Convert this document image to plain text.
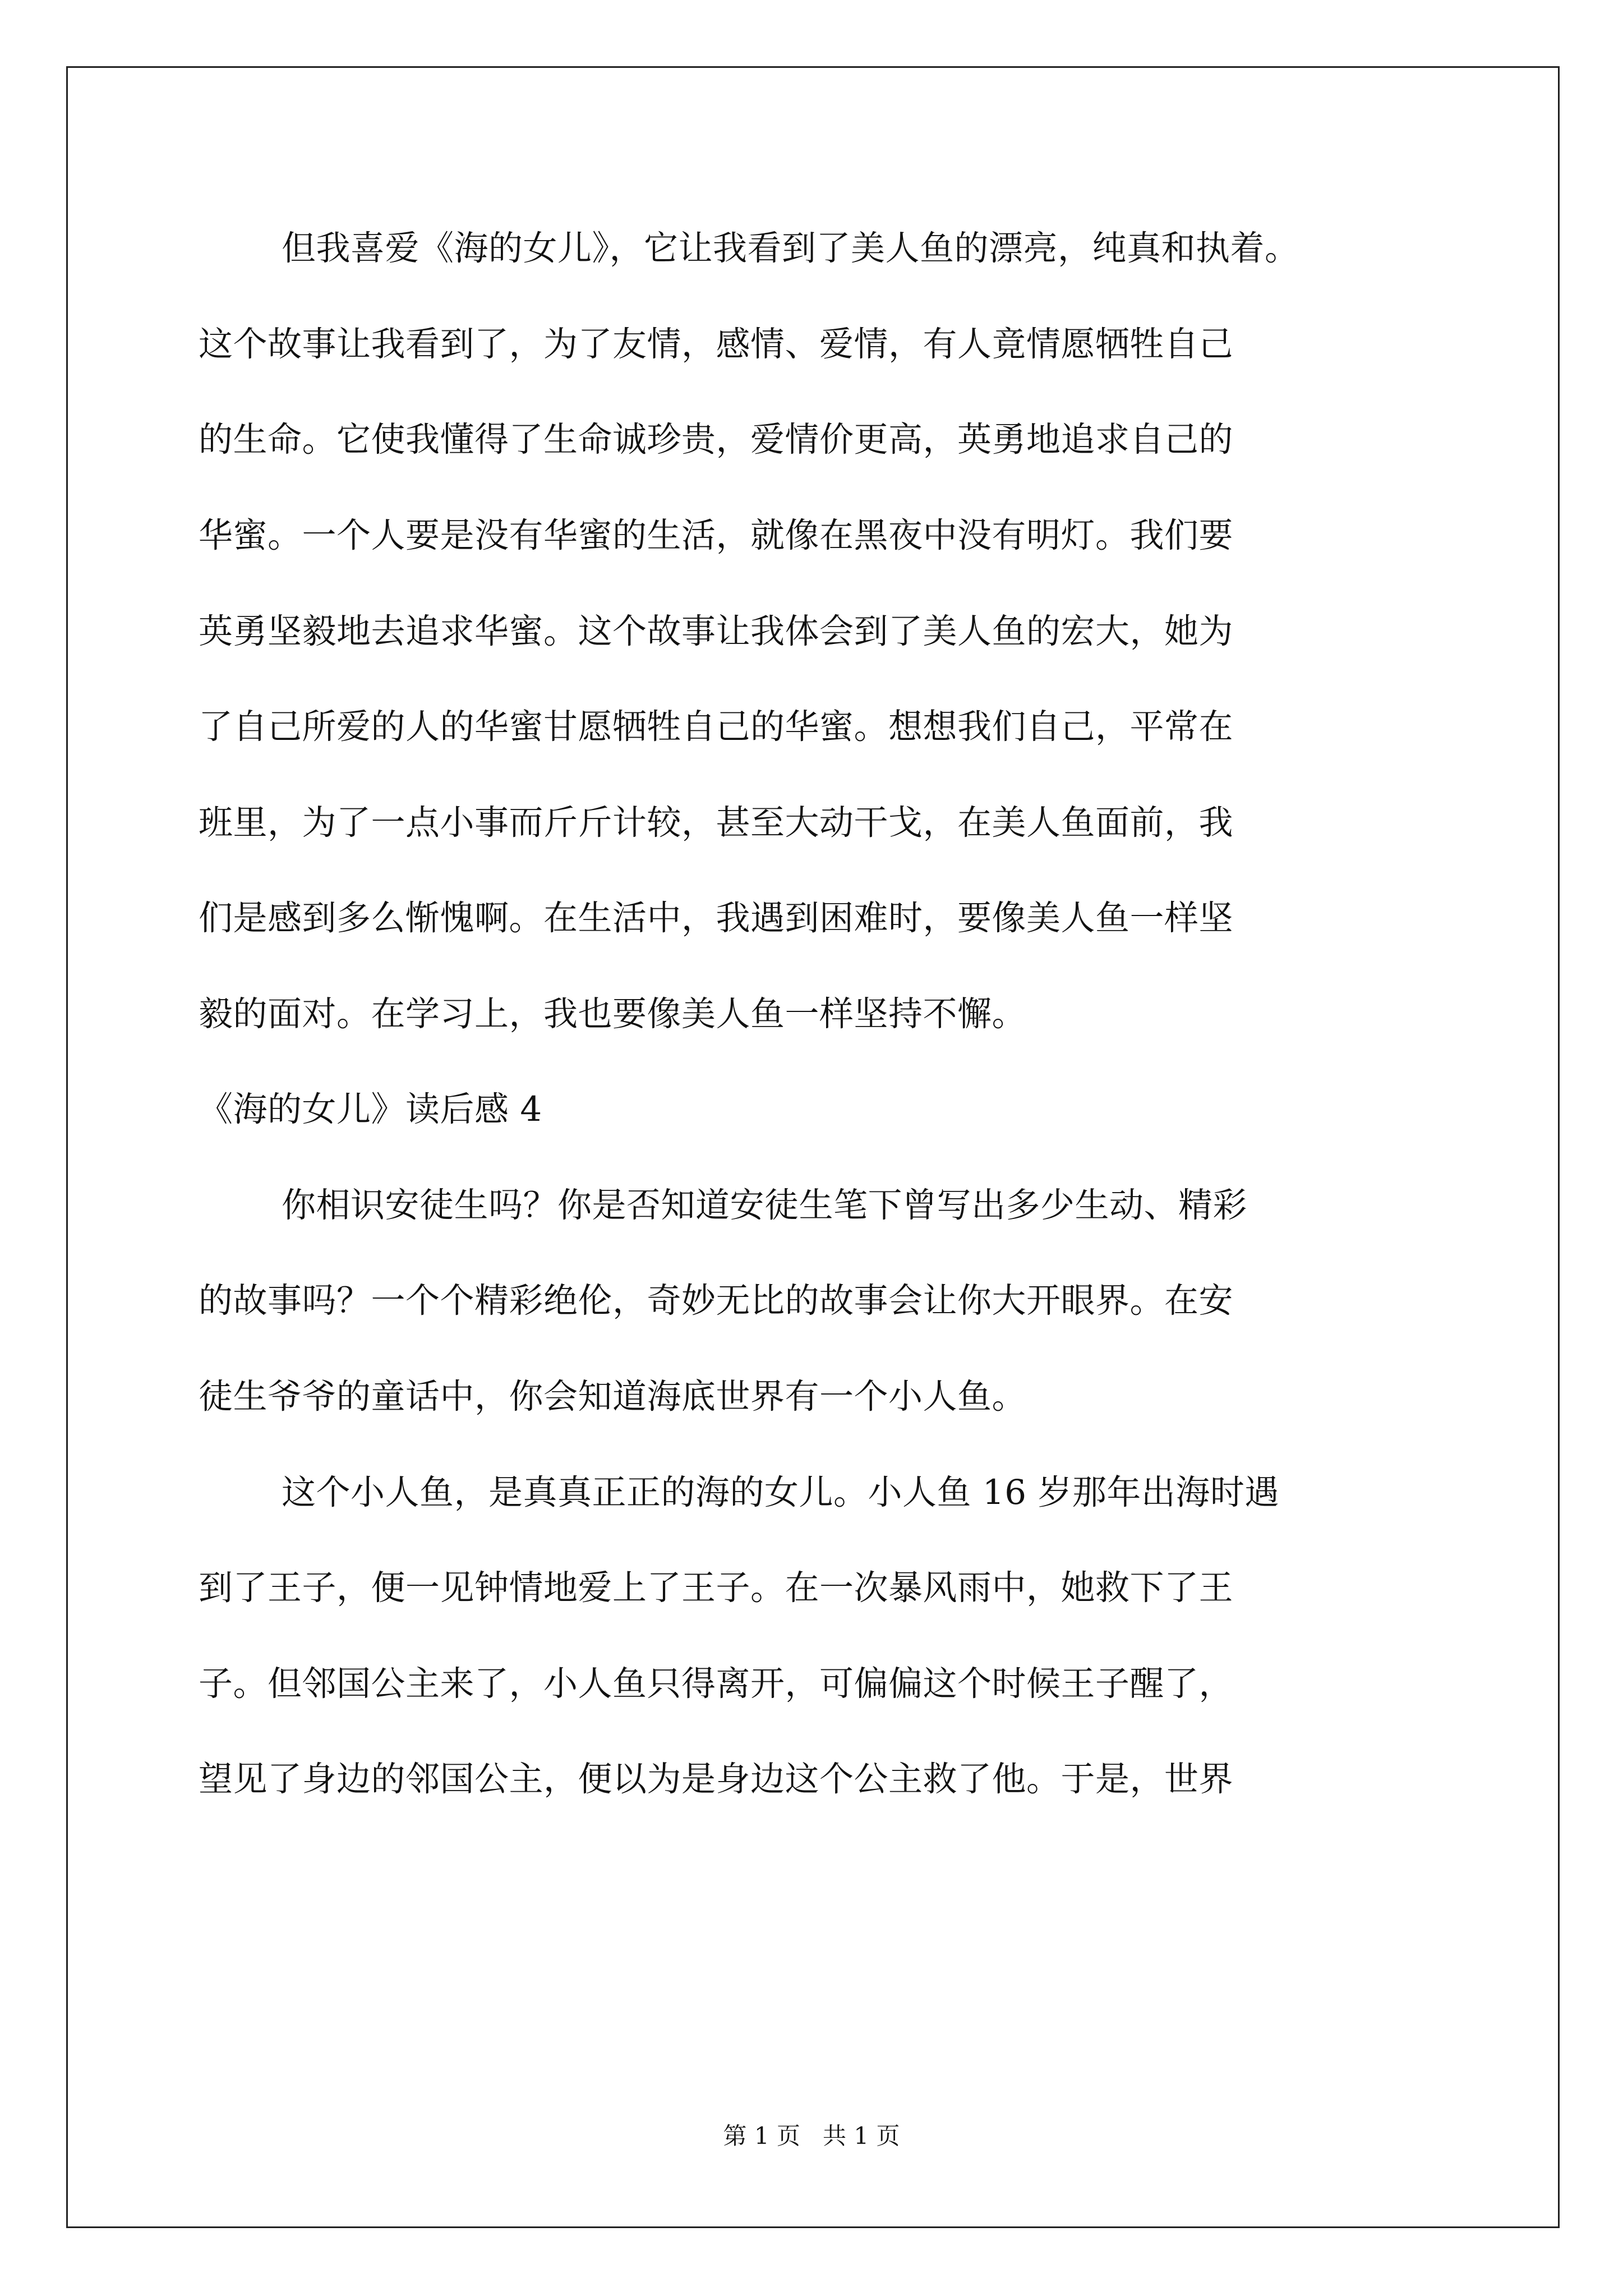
但我喜爱《海的女儿》，它让我看到了美人鱼的漂亮，纯真和执着。
这个故事让我看到了，为了友情，感情、爱情，有人竟情愿牺牲自己
的生命。它使我懂得了生命诚珍贵，爱情价更高，英勇地追求自己的
华蜜。一个人要是没有华蜜的生活，就像在黑夜中没有明灯。我们要
英勇坚毅地去追求华蜜。这个故事让我体会到了美人鱼的宏大，她为
了自己所爱的人的华蜜甘愿牺牲自己的华蜜。想想我们自己，平常在
班里，为了一点小事而斤斤计较，甚至大动干戈，在美人鱼面前，我
们是感到多么惭愧啊。在生活中，我遇到困难时，要像美人鱼一样坚
毅的面对。在学习上，我也要像美人鱼一样坚持不懈。
《海的女儿》读后感 4
你相识安徒生吗？你是否知道安徒生笔下曾写出多少生动、精彩
的故事吗？一个个精彩绝伦，奇妙无比的故事会让你大开眼界。在安
徒生爷爷的童话中，你会知道海底世界有一个小人鱼。
这个小人鱼，是真真正正的海的女儿。小人鱼 16 岁那年出海时遇
到了王子，便一见钟情地爱上了王子。在一次暴风雨中，她救下了王
子。但邻国公主来了，小人鱼只得离开，可偏偏这个时候王子醒了，
望见了身边的邻国公主，便以为是身边这个公主救了他。于是，世界
第 1 页   共 1 页
